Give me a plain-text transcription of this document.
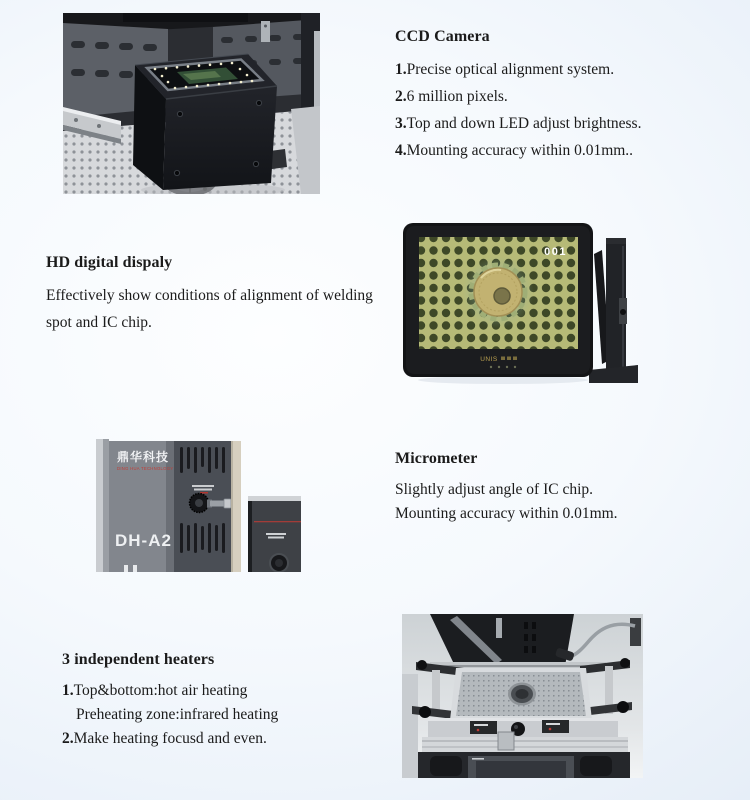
CCD Camera

1.Precise optical alignment system.

2.6 million pixels.

3.Top and down LED adjust brightness.

4.Mounting accuracy within 0.01mm..

HD digital dispaly

Effectively show conditions of alignment of welding

spot and IC chip.

001
UNIS
鼎华科技
DING HUA TECHNOLOGY
DH-A2
Micrometer

Slightly adjust angle of IC chip.

Mounting accuracy within 0.01mm.

3 independent heaters

1.Top&bottom:hot air heating

Preheating zone:infrared heating

2.Make heating focusd and even.
